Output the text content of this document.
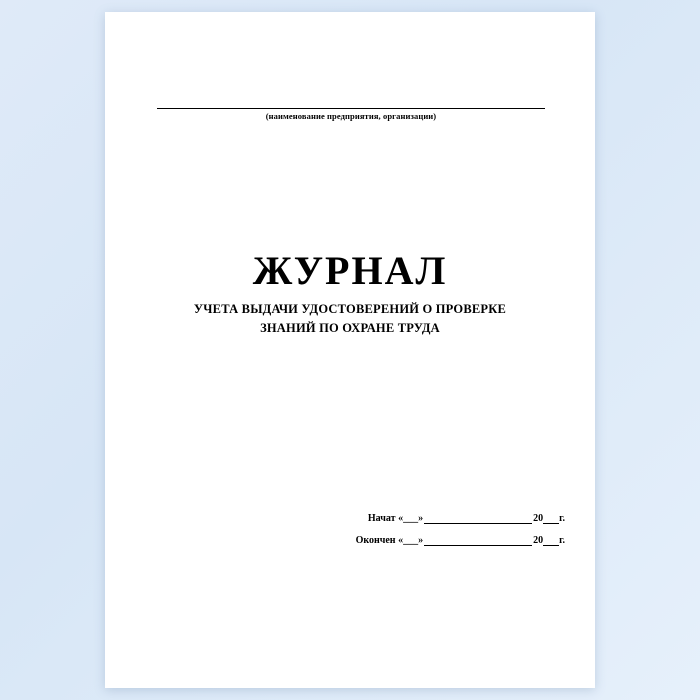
(наименование предприятия, организации)
ЖУРНАЛ
УЧЕТА ВЫДАЧИ УДОСТОВЕРЕНИЙ О ПРОВЕРКЕ
ЗНАНИЙ ПО ОХРАНЕ ТРУДА
Начат «___»	20 г.
Окончен «___»	20 г.
